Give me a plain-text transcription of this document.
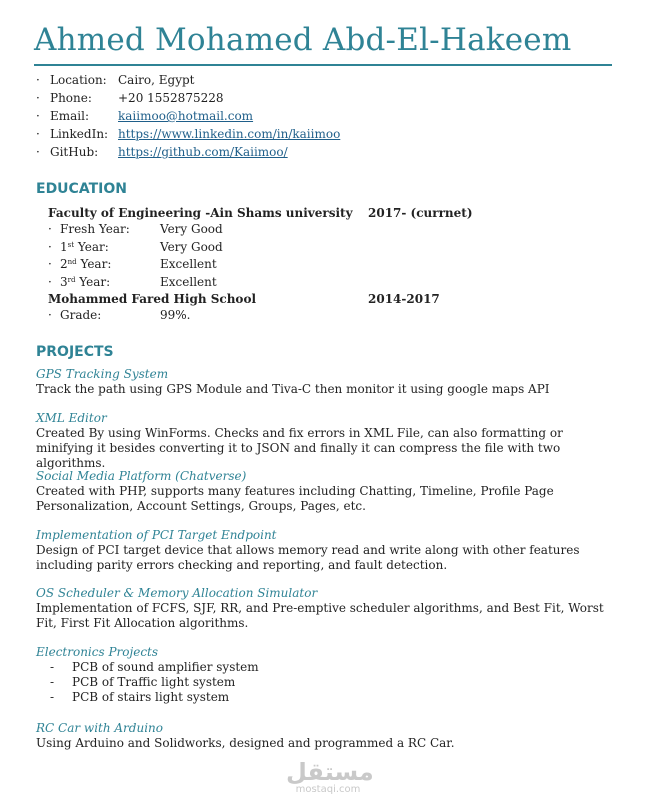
Ahmed Mohamed Abd-El-Hakeem
· Location: Cairo, Egypt
· Phone:	+20 1552875228
· Email:	kaiimoo@hotmail.com
· LinkedIn: https://www.linkedin.com/in/kaiimoo
· GitHub:	https://github.com/Kaiimoo/
EDUCATION
Faculty of Engineering -Ain Shams university 2017- (currnet)
· Fresh Year:	Very Good
· 1st Year:	Very Good
· 2nd Year:	Excellent
· 3rd Year:	Excellent
Mohammed Fared High School	2014-2017
· Grade:	99%.
PROJECTS
GPS Tracking System
Track the path using GPS Module and Tiva-C then monitor it using google maps API
XML Editor
Created By using WinForms. Checks and fix errors in XML File, can also formatting or minifying it besides converting it to JSON and finally it can compress the file with two algorithms.
Social Media Platform (Chatverse)
Created with PHP, supports many features including Chatting, Timeline, Profile Page Personalization, Account Settings, Groups, Pages, etc.
Implementation of PCI Target Endpoint
Design of PCI target device that allows memory read and write along with other features including parity errors checking and reporting, and fault detection.
OS Scheduler & Memory Allocation Simulator
Implementation of FCFS, SJF, RR, and Pre-emptive scheduler algorithms, and Best Fit, Worst Fit, First Fit Allocation algorithms.
Electronics Projects
-	PCB of sound amplifier system
-	PCB of Traffic light system
-	PCB of stairs light system
RC Car with Arduino
Using Arduino and Solidworks, designed and programmed a RC Car.
مستقل
mostaqi.com
